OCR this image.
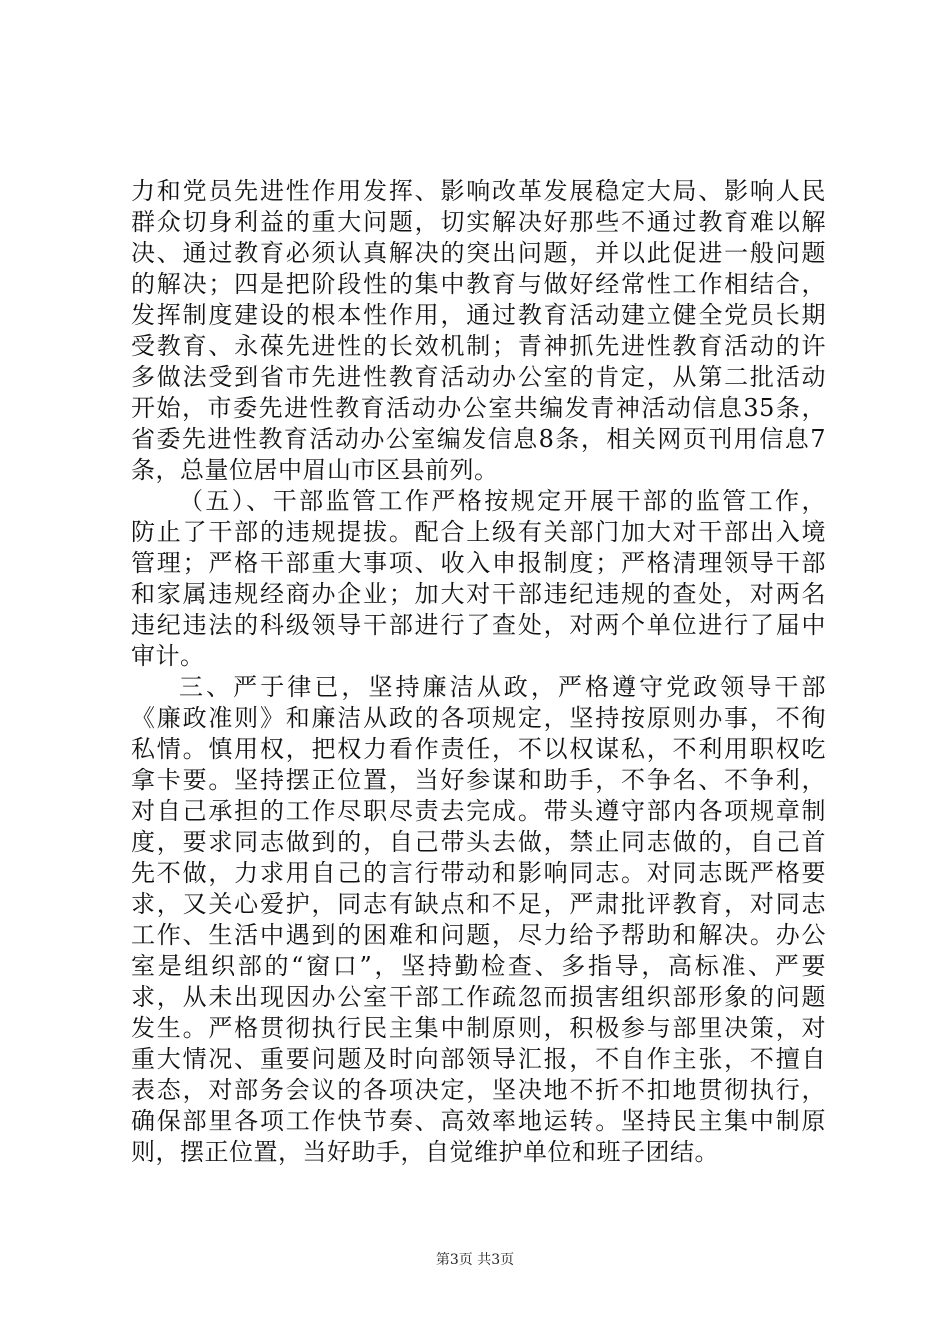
力和党员先进性作用发挥、影响改革发展稳定大局、影响人民
群众切身利益的重大问题，切实解决好那些不通过教育难以解
决、通过教育必须认真解决的突出问题，并以此促进一般问题
的解决；四是把阶段性的集中教育与做好经常性工作相结合，
发挥制度建设的根本性作用，通过教育活动建立健全党员长期
受教育、永葆先进性的长效机制；青神抓先进性教育活动的许
多做法受到省市先进性教育活动办公室的肯定，从第二批活动
开始，市委先进性教育活动办公室共编发青神活动信息35条，
省委先进性教育活动办公室编发信息8条，相关网页刊用信息7
条，总量位居中眉山市区县前列。
（五）、干部监管工作严格按规定开展干部的监管工作，
防止了干部的违规提拔。配合上级有关部门加大对干部出入境
管理；严格干部重大事项、收入申报制度；严格清理领导干部
和家属违规经商办企业；加大对干部违纪违规的查处，对两名
违纪违法的科级领导干部进行了查处，对两个单位进行了届中
审计。
三、严于律已，坚持廉洁从政，严格遵守党政领导干部
《廉政准则》和廉洁从政的各项规定，坚持按原则办事，不徇
私情。慎用权，把权力看作责任，不以权谋私，不利用职权吃
拿卡要。坚持摆正位置，当好参谋和助手，不争名、不争利，
对自己承担的工作尽职尽责去完成。带头遵守部内各项规章制
度，要求同志做到的，自己带头去做，禁止同志做的，自己首
先不做，力求用自己的言行带动和影响同志。对同志既严格要
求，又关心爱护，同志有缺点和不足，严肃批评教育，对同志
工作、生活中遇到的困难和问题，尽力给予帮助和解决。办公
室是组织部的“窗口”，坚持勤检查、多指导，高标准、严要
求，从未出现因办公室干部工作疏忽而损害组织部形象的问题
发生。严格贯彻执行民主集中制原则，积极参与部里决策，对
重大情况、重要问题及时向部领导汇报，不自作主张，不擅自
表态，对部务会议的各项决定，坚决地不折不扣地贯彻执行，
确保部里各项工作快节奏、高效率地运转。坚持民主集中制原
则，摆正位置，当好助手，自觉维护单位和班子团结。
第3页 共3页
